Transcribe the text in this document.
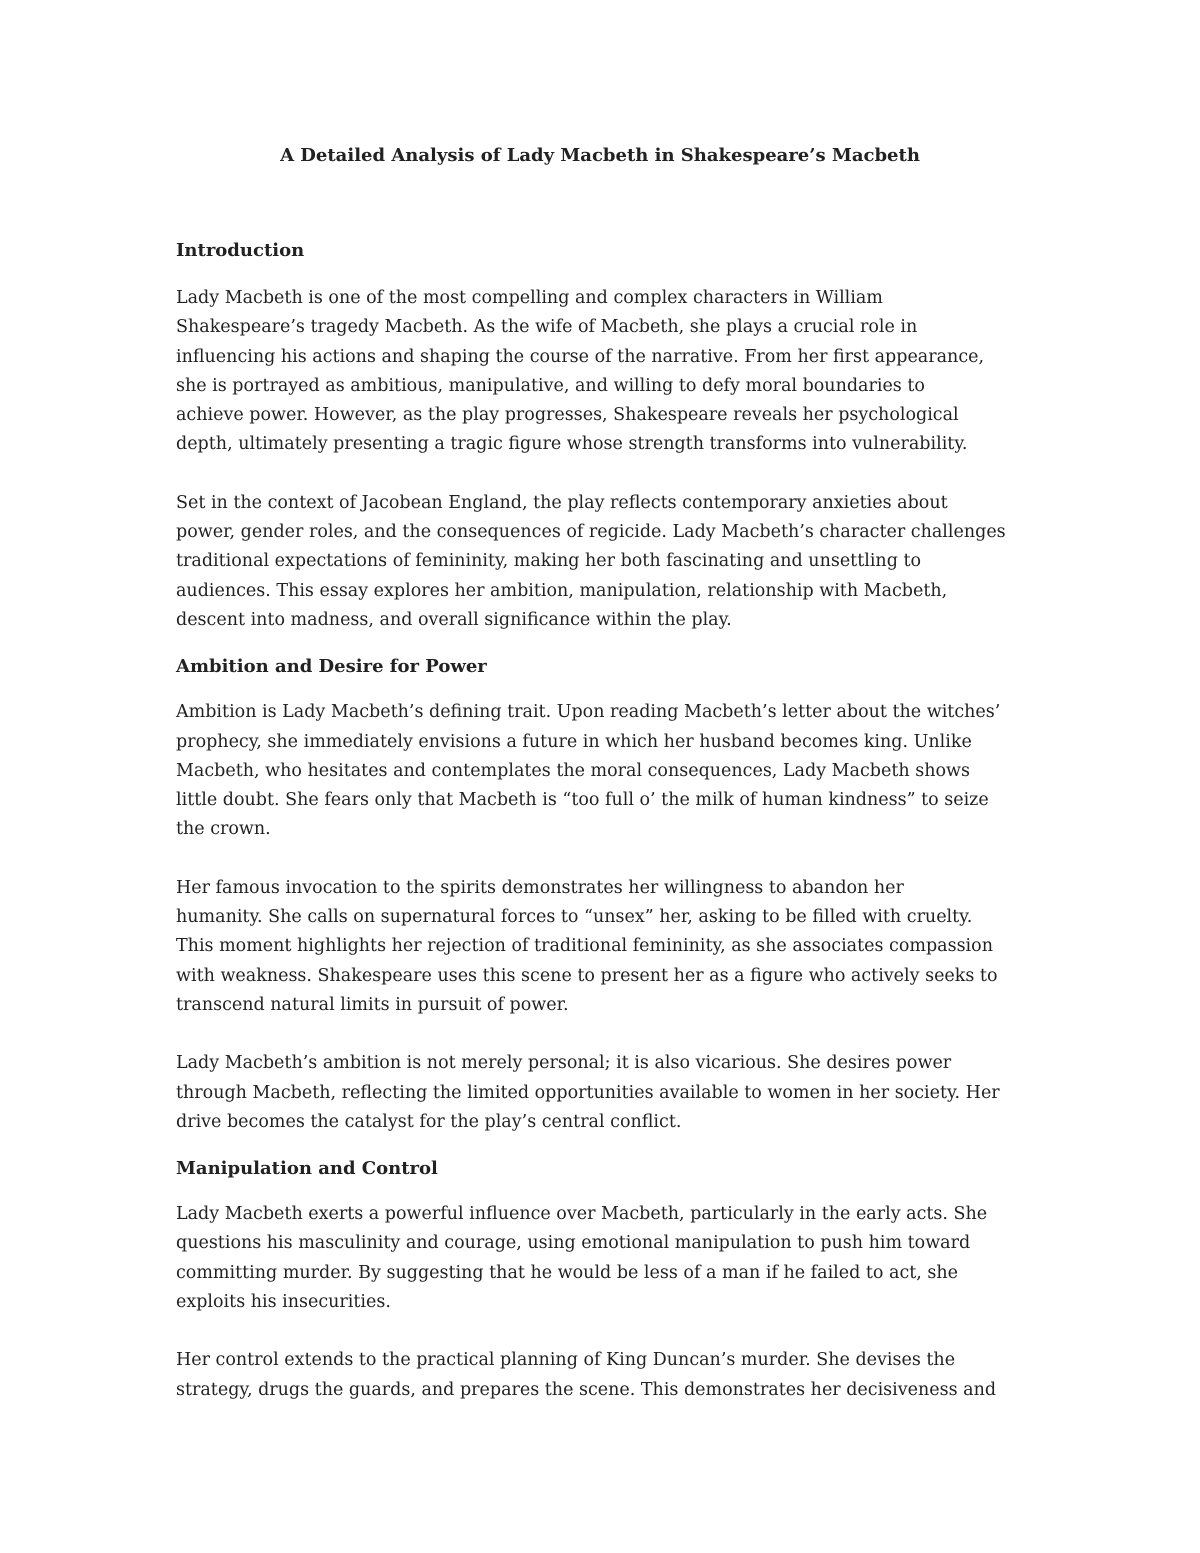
A Detailed Analysis of Lady Macbeth in Shakespeare’s Macbeth
Introduction

Lady Macbeth is one of the most compelling and complex characters in William
Shakespeare’s tragedy Macbeth. As the wife of Macbeth, she plays a crucial role in
influencing his actions and shaping the course of the narrative. From her first appearance,
she is portrayed as ambitious, manipulative, and willing to defy moral boundaries to
achieve power. However, as the play progresses, Shakespeare reveals her psychological
depth, ultimately presenting a tragic figure whose strength transforms into vulnerability.

Set in the context of Jacobean England, the play reflects contemporary anxieties about
power, gender roles, and the consequences of regicide. Lady Macbeth’s character challenges
traditional expectations of femininity, making her both fascinating and unsettling to
audiences. This essay explores her ambition, manipulation, relationship with Macbeth,
descent into madness, and overall significance within the play.

Ambition and Desire for Power

Ambition is Lady Macbeth’s defining trait. Upon reading Macbeth’s letter about the witches’
prophecy, she immediately envisions a future in which her husband becomes king. Unlike
Macbeth, who hesitates and contemplates the moral consequences, Lady Macbeth shows
little doubt. She fears only that Macbeth is “too full o’ the milk of human kindness” to seize
the crown.

Her famous invocation to the spirits demonstrates her willingness to abandon her
humanity. She calls on supernatural forces to “unsex” her, asking to be filled with cruelty.
This moment highlights her rejection of traditional femininity, as she associates compassion
with weakness. Shakespeare uses this scene to present her as a figure who actively seeks to
transcend natural limits in pursuit of power.

Lady Macbeth’s ambition is not merely personal; it is also vicarious. She desires power
through Macbeth, reflecting the limited opportunities available to women in her society. Her
drive becomes the catalyst for the play’s central conflict.

Manipulation and Control

Lady Macbeth exerts a powerful influence over Macbeth, particularly in the early acts. She
questions his masculinity and courage, using emotional manipulation to push him toward
committing murder. By suggesting that he would be less of a man if he failed to act, she
exploits his insecurities.

Her control extends to the practical planning of King Duncan’s murder. She devises the
strategy, drugs the guards, and prepares the scene. This demonstrates her decisiveness and
